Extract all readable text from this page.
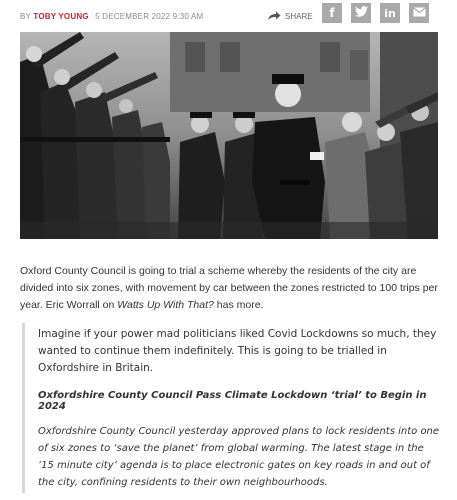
BY TOBY YOUNG 5 DECEMBER 2022 9:30 AM	SHARE f	in
Oxford County Council is going to trial a scheme whereby the residents of the city are divided into six zones, with movement by car between the zones restricted to 100 trips per year. Eric Worrall on Watts Up With That? has more.

Imagine if your power mad politicians liked Covid Lockdowns so much, they wanted to continue them indefinitely. This is going to be trialled in Oxfordshire in Britain.

Oxfordshire County Council Pass Climate Lockdown ‘trial’ to Begin in 2024

Oxfordshire County Council yesterday approved plans to lock residents into one of six zones to ‘save the planet’ from global warming. The latest stage in the ‘15 minute city’ agenda is to place electronic gates on key roads in and out of the city, confining residents to their own neighbourhoods.
